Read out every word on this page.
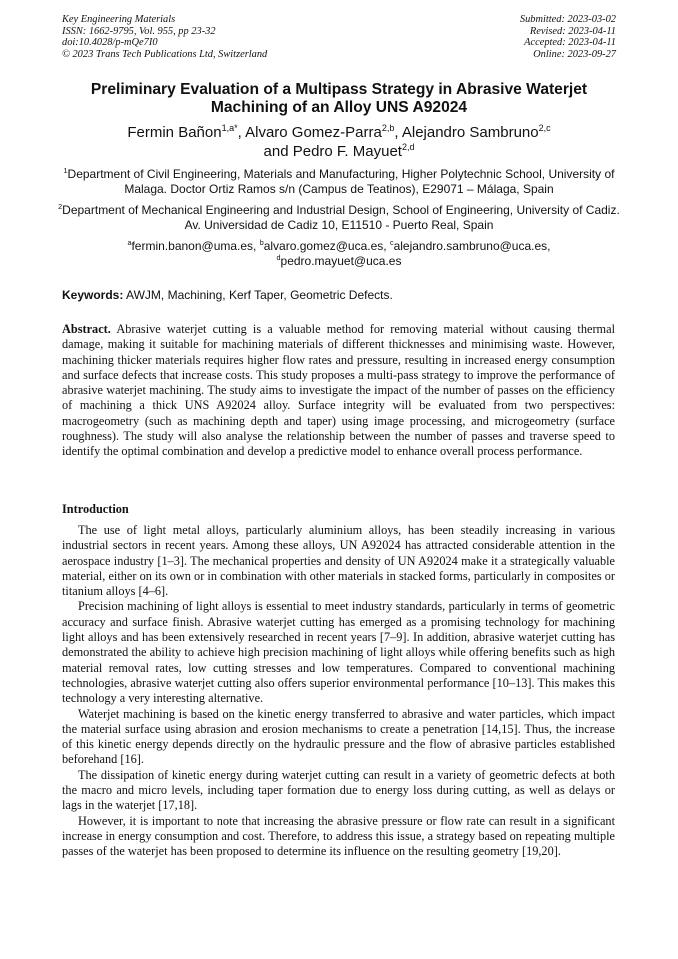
Key Engineering Materials
ISSN: 1662-9795, Vol. 955, pp 23-32
doi:10.4028/p-mQe7I0
© 2023 Trans Tech Publications Ltd, Switzerland
Submitted: 2023-03-02
Revised: 2023-04-11
Accepted: 2023-04-11
Online: 2023-09-27
Preliminary Evaluation of a Multipass Strategy in Abrasive Waterjet Machining of an Alloy UNS A92024
Fermin Bañon$^{1,a*}$, Alvaro Gomez-Parra$^{2,b}$, Alejandro Sambruno$^{2,c}$
and Pedro F. Mayuet$^{2,d}$
$^1$Department of Civil Engineering, Materials and Manufacturing, Higher Polytechnic School, University of Malaga. Doctor Ortiz Ramos s/n (Campus de Teatinos), E29071 – Málaga, Spain
$^2$Department of Mechanical Engineering and Industrial Design, School of Engineering, University of Cadiz. Av. Universidad de Cadiz 10, E11510 - Puerto Real, Spain
$^a$fermin.banon@uma.es, $^b$alvaro.gomez@uca.es, $^c$alejandro.sambruno@uca.es,
$^d$pedro.mayuet@uca.es
Keywords: AWJM, Machining, Kerf Taper, Geometric Defects.
Abstract. Abrasive waterjet cutting is a valuable method for removing material without causing thermal damage, making it suitable for machining materials of different thicknesses and minimising waste. However, machining thicker materials requires higher flow rates and pressure, resulting in increased energy consumption and surface defects that increase costs. This study proposes a multi-pass strategy to improve the performance of abrasive waterjet machining. The study aims to investigate the impact of the number of passes on the efficiency of machining a thick UNS A92024 alloy. Surface integrity will be evaluated from two perspectives: macrogeometry (such as machining depth and taper) using image processing, and microgeometry (surface roughness). The study will also analyse the relationship between the number of passes and traverse speed to identify the optimal combination and develop a predictive model to enhance overall process performance.
Introduction

The use of light metal alloys, particularly aluminium alloys, has been steadily increasing in various industrial sectors in recent years. Among these alloys, UN A92024 has attracted considerable attention in the aerospace industry [1–3]. The mechanical properties and density of UN A92024 make it a strategically valuable material, either on its own or in combination with other materials in stacked forms, particularly in composites or titanium alloys [4–6].

Precision machining of light alloys is essential to meet industry standards, particularly in terms of geometric accuracy and surface finish. Abrasive waterjet cutting has emerged as a promising technology for machining light alloys and has been extensively researched in recent years [7–9]. In addition, abrasive waterjet cutting has demonstrated the ability to achieve high precision machining of light alloys while offering benefits such as high material removal rates, low cutting stresses and low temperatures. Compared to conventional machining technologies, abrasive waterjet cutting also offers superior environmental performance [10–13]. This makes this technology a very interesting alternative.

Waterjet machining is based on the kinetic energy transferred to abrasive and water particles, which impact the material surface using abrasion and erosion mechanisms to create a penetration [14,15]. Thus, the increase of this kinetic energy depends directly on the hydraulic pressure and the flow of abrasive particles established beforehand [16].

The dissipation of kinetic energy during waterjet cutting can result in a variety of geometric defects at both the macro and micro levels, including taper formation due to energy loss during cutting, as well as delays or lags in the waterjet [17,18].

However, it is important to note that increasing the abrasive pressure or flow rate can result in a significant increase in energy consumption and cost. Therefore, to address this issue, a strategy based on repeating multiple passes of the waterjet has been proposed to determine its influence on the resulting geometry [19,20].
